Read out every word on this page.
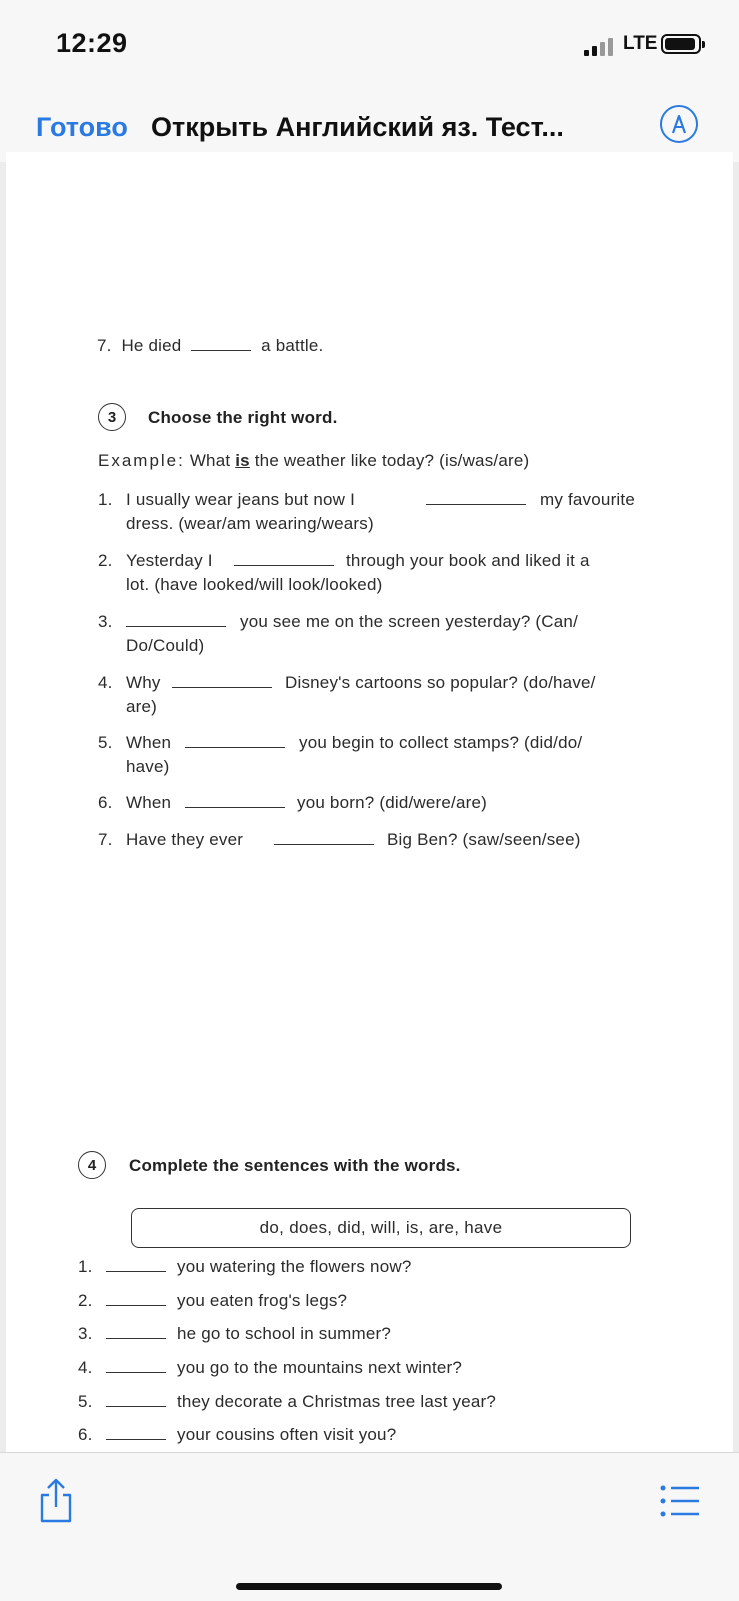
12:29	LTE
Готово Открыть Английский яз. Тест...
7. He died	a battle.
3	Choose the right word.
Example: What is the weather like today? (is/was/are)
1. I usually wear jeans but now I	my favourite
dress. (wear/am wearing/wears)
2. Yesterday I	through your book and liked it a
lot. (have looked/will look/looked)
3.	you see me on the screen yesterday? (Can/
Do/Could)
4. Why	Disney's cartoons so popular? (do/have/
are)
5. When	you begin to collect stamps? (did/do/
have)
6. When	you born? (did/were/are)
7. Have they ever	Big Ben? (saw/seen/see)
4	Complete the sentences with the words.
do, does, did, will, is, are, have
1.	you watering the flowers now?
2.	you eaten frog's legs?
3.	he go to school in summer?
4.	you go to the mountains next winter?
5.	they decorate a Christmas tree last year?
6.	your cousins often visit you?
